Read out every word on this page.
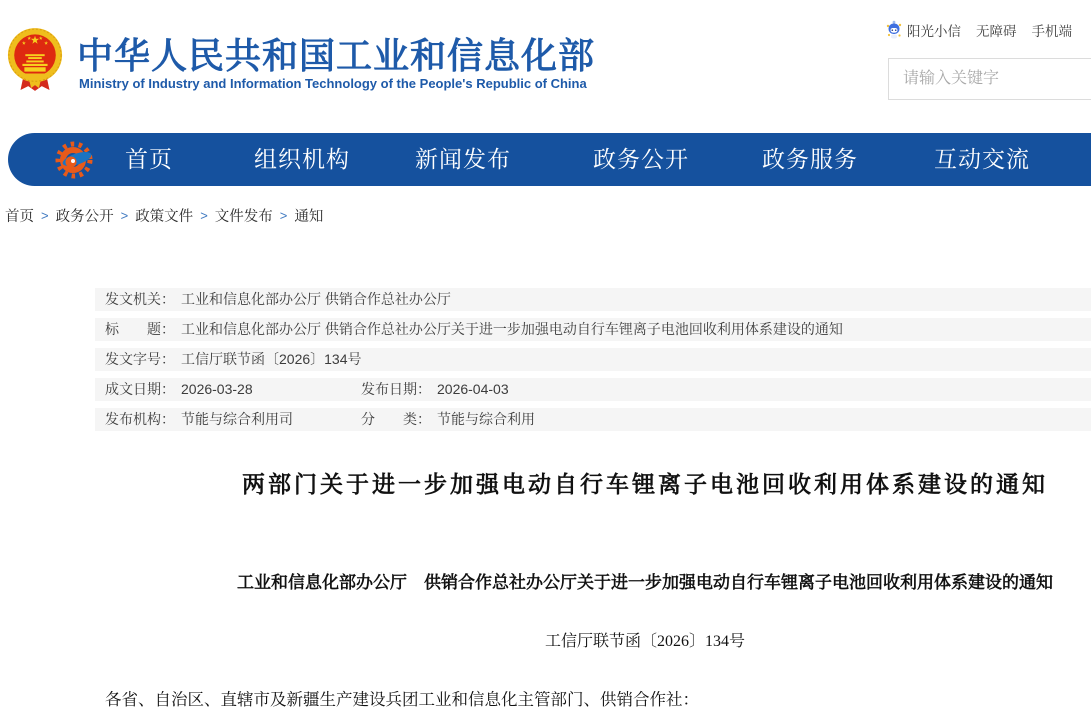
中华人民共和国工业和信息化部
Ministry of Industry and Information Technology of the People's Republic of China
阳光小信 无障碍 手机端
请输入关键字
首页	组织机构	新闻发布	政务公开	政务服务	互动交流
首页 > 政务公开 > 政策文件 > 文件发布 > 通知
发文机关： 工业和信息化部办公厅 供销合作总社办公厅
标　　题： 工业和信息化部办公厅 供销合作总社办公厅关于进一步加强电动自行车锂离子电池回收利用体系建设的通知
发文字号： 工信厅联节函〔2026〕134号
成文日期： 2026-03-28	发布日期： 2026-04-03
发布机构： 节能与综合利用司	分　　类： 节能与综合利用
两部门关于进一步加强电动自行车锂离子电池回收利用体系建设的通知
工业和信息化部办公厅　供销合作总社办公厅关于进一步加强电动自行车锂离子电池回收利用体系建设的通知
工信厅联节函〔2026〕134号
各省、自治区、直辖市及新疆生产建设兵团工业和信息化主管部门、供销合作社：
